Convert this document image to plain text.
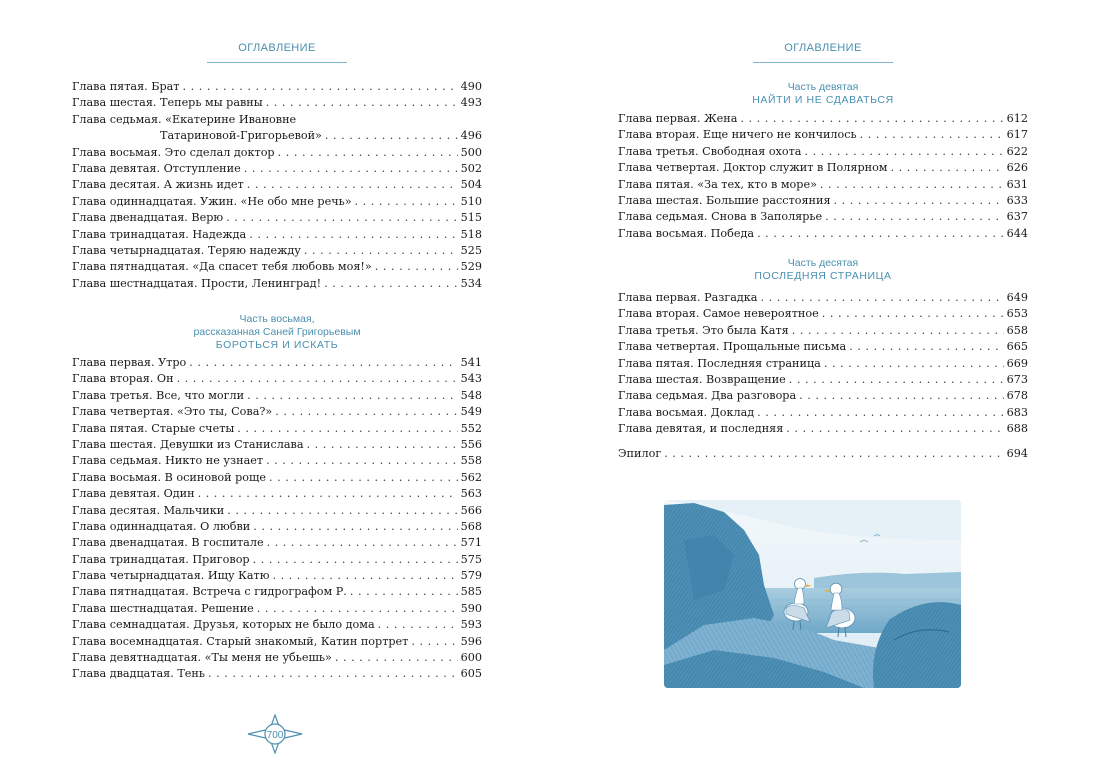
ОГЛАВЛЕНИЕ
Глава пятая. Брат . . .	490
Глава шестая. Теперь мы равны . . .	493
Глава седьмая. «Екатерине Ивановне
Татариновой-Григорьевой» . . .	496
Глава восьмая. Это сделал доктор . . .	500
Глава девятая. Отступление . . .	502
Глава десятая. А жизнь идет . . .	504
Глава одиннадцатая. Ужин. «Не обо мне речь» . . .	510
Глава двенадцатая. Верю . . .	515
Глава тринадцатая. Надежда . . .	518
Глава четырнадцатая. Теряю надежду . . .	525
Глава пятнадцатая. «Да спасет тебя любовь моя!» . . .	529
Глава шестнадцатая. Прости, Ленинград! . . .	534
Часть восьмая,
рассказанная Саней Григорьевым
БОРОТЬСЯ И ИСКАТЬ
Глава первая. Утро . . .	541
Глава вторая. Он . . .	543
Глава третья. Все, что могли . . .	548
Глава четвертая. «Это ты, Сова?» . . .	549
Глава пятая. Старые счеты . . .	552
Глава шестая. Девушки из Станислава . . .	556
Глава седьмая. Никто не узнает . . .	558
Глава восьмая. В осиновой роще . . .	562
Глава девятая. Один . . .	563
Глава десятая. Мальчики . . .	566
Глава одиннадцатая. О любви . . .	568
Глава двенадцатая. В госпитале . . .	571
Глава тринадцатая. Приговор . . .	575
Глава четырнадцатая. Ищу Катю . . .	579
Глава пятнадцатая. Встреча с гидрографом Р. . . .	585
Глава шестнадцатая. Решение . . .	590
Глава семнадцатая. Друзья, которых не было дома . . .	593
Глава восемнадцатая. Старый знакомый, Катин портрет . . .	596
Глава девятнадцатая. «Ты меня не убьешь» . . .	600
Глава двадцатая. Тень . . .	605
700
ОГЛАВЛЕНИЕ
Часть девятая
НАЙТИ И НЕ СДАВАТЬСЯ
Глава первая. Жена . . .	612
Глава вторая. Еще ничего не кончилось . . .	617
Глава третья. Свободная охота . . .	622
Глава четвертая. Доктор служит в Полярном . . .	626
Глава пятая. «За тех, кто в море» . . .	631
Глава шестая. Большие расстояния . . .	633
Глава седьмая. Снова в Заполярье . . .	637
Глава восьмая. Победа . . .	644
Часть десятая
ПОСЛЕДНЯЯ СТРАНИЦА
Глава первая. Разгадка . . .	649
Глава вторая. Самое невероятное . . .	653
Глава третья. Это была Катя . . .	658
Глава четвертая. Прощальные письма . . .	665
Глава пятая. Последняя страница . . .	669
Глава шестая. Возвращение . . .	673
Глава седьмая. Два разговора . . .	678
Глава восьмая. Доклад . . .	683
Глава девятая, и последняя . . .	688
Эпилог . . .	694
